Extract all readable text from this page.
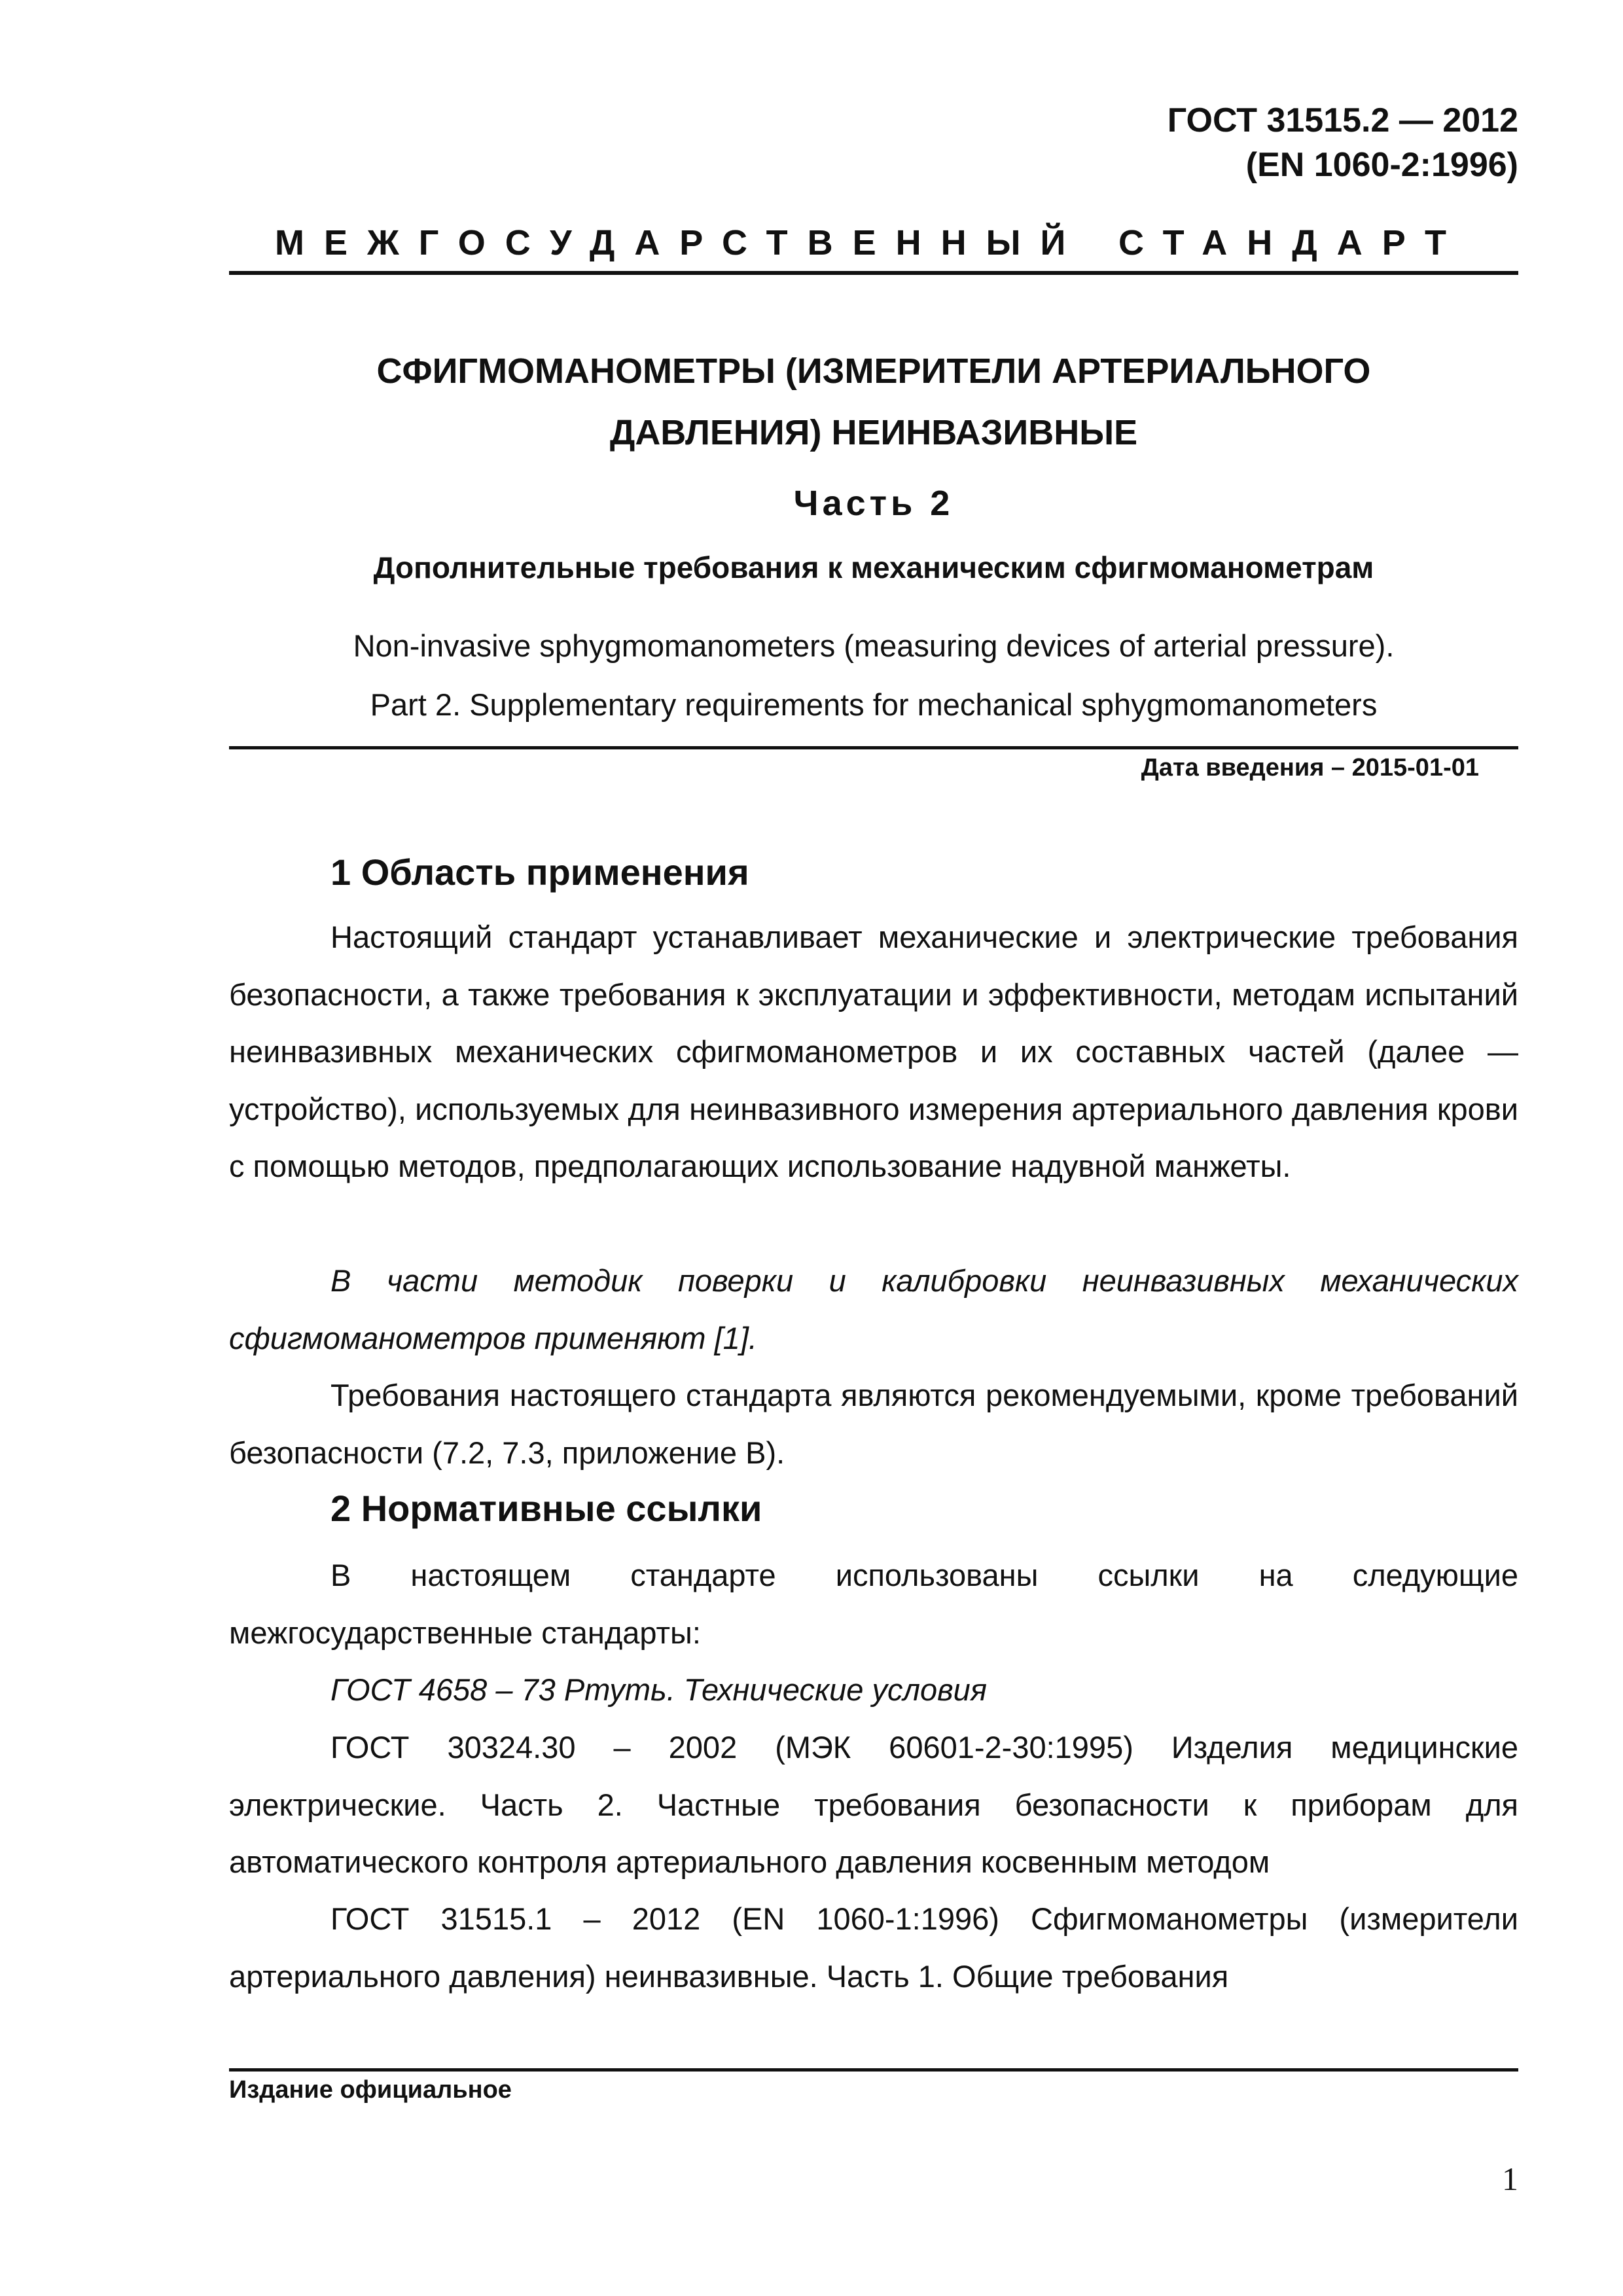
ГОСТ 31515.2 — 2012
(EN 1060-2:1996)
МЕЖГОСУДАРСТВЕННЫЙ СТАНДАРТ
СФИГМОМАНОМЕТРЫ (ИЗМЕРИТЕЛИ АРТЕРИАЛЬНОГО
ДАВЛЕНИЯ) НЕИНВАЗИВНЫЕ
Часть 2
Дополнительные требования к механическим сфигмоманометрам
Non-invasive sphygmomanometers (measuring devices of arterial pressure).
Part 2. Supplementary requirements for mechanical sphygmomanometers
Дата введения – 2015-01-01
1 Область применения

Настоящий стандарт устанавливает механические и электрические требования безопасности, а также требования к эксплуатации и эффективности, методам испытаний неинвазивных механических сфигмоманометров и их составных частей (далее — устройство), используемых для неинвазивного измерения артериального давления крови с помощью методов, предполагающих использование надувной манжеты.

В части методик поверки и калибровки неинвазивных механических сфигмоманометров применяют [1].

Требования настоящего стандарта являются рекомендуемыми, кроме требований безопасности (7.2, 7.3, приложение В).

2 Нормативные ссылки

В настоящем стандарте использованы ссылки на следующие межгосударственные стандарты:

ГОСТ 4658 – 73 Ртуть. Технические условия

ГОСТ 30324.30 – 2002 (МЭК 60601-2-30:1995) Изделия медицинские электрические. Часть 2. Частные требования безопасности к приборам для автоматического контроля артериального давления косвенным методом

ГОСТ 31515.1 – 2012 (EN 1060-1:1996) Сфигмоманометры (измерители артериального давления) неинвазивные. Часть 1. Общие требования

Издание официальное
1
